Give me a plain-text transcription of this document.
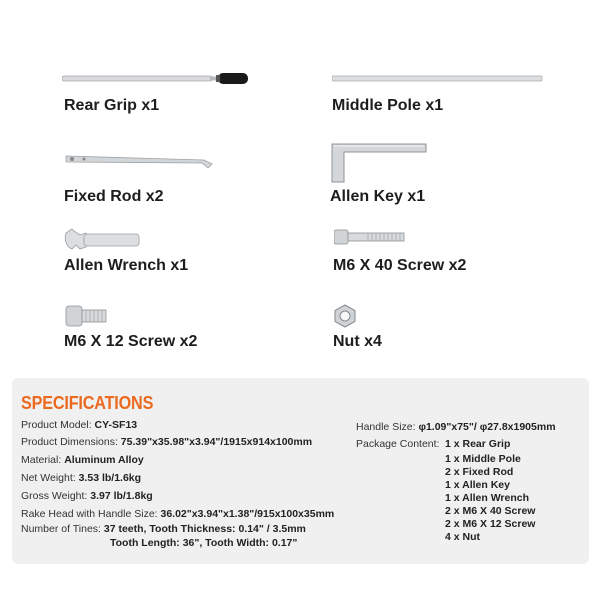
Rear Grip x1	Middle Pole x1
Fixed Rod x2	Allen Key x1
Allen Wrench x1	M6 X 40 Screw x2
M6 X 12 Screw x2	Nut x4
SPECIFICATIONS
Product Model: CY-SF13
Product Dimensions: 75.39"x35.98"x3.94"/1915x914x100mm
Material: Aluminum Alloy
Net Weight: 3.53 lb/1.6kg
Gross Weight: 3.97 lb/1.8kg
Rake Head with Handle Size: 36.02"x3.94"x1.38"/915x100x35mm
Number of Tines: 37 teeth, Tooth Thickness: 0.14" / 3.5mm
Tooth Length: 36", Tooth Width: 0.17"
Handle Size: φ1.09"x75"/ φ27.8x1905mm
Package Content: 1 x Rear Grip
1 x Middle Pole
2 x Fixed Rod
1 x Allen Key
1 x Allen Wrench
2 x M6 X 40 Screw
2 x M6 X 12 Screw
4 x Nut
